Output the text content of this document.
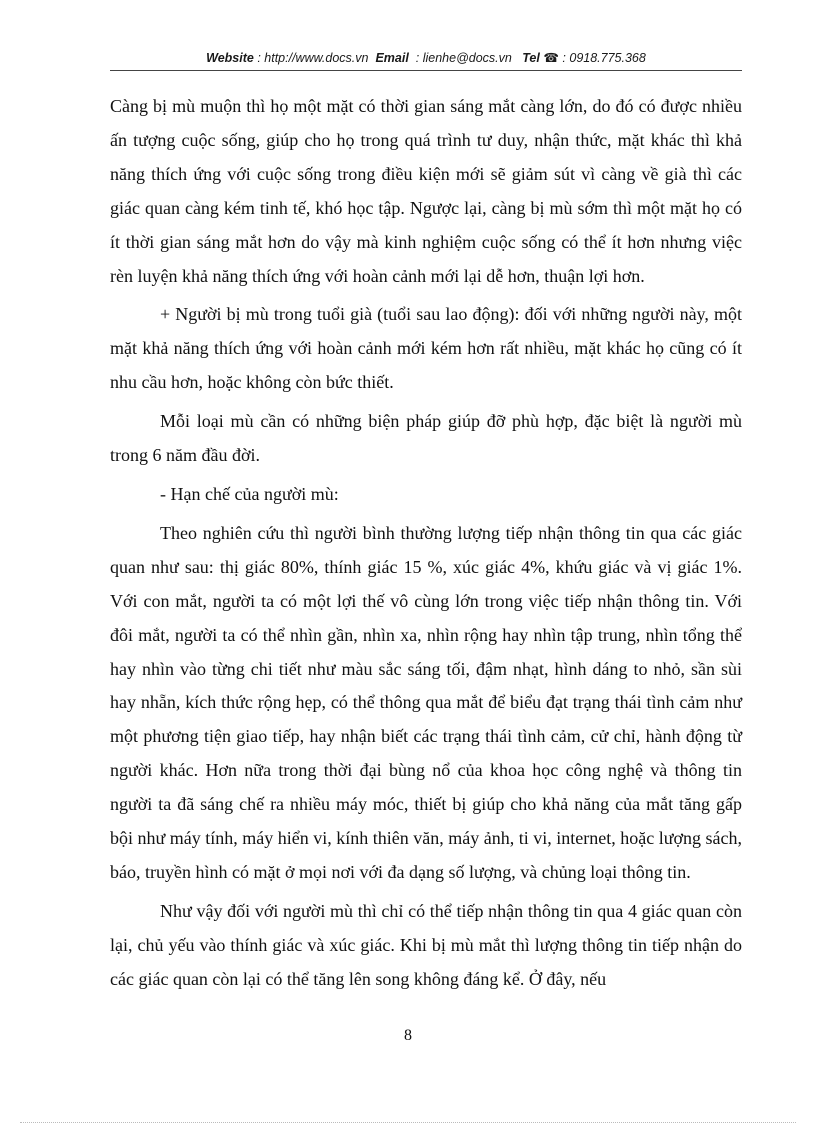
Website : http://www.docs.vn Email : lienhe@docs.vn Tel ☎ : 0918.775.368

Càng bị mù muộn thì họ một mặt có thời gian sáng mắt càng lớn, do đó có được nhiều ấn tượng cuộc sống, giúp cho họ trong quá trình tư duy, nhận thức, mặt khác thì khả năng thích ứng với cuộc sống trong điều kiện mới sẽ giảm sút vì càng về già thì các giác quan càng kém tinh tế, khó học tập. Ngược lại, càng bị mù sớm thì một mặt họ có ít thời gian sáng mắt hơn do vậy mà kinh nghiệm cuộc sống có thể ít hơn nhưng việc rèn luyện khả năng thích ứng với hoàn cảnh mới lại dễ hơn, thuận lợi hơn.

+ Người bị mù trong tuổi già (tuổi sau lao động): đối với những người này, một mặt khả năng thích ứng với hoàn cảnh mới kém hơn rất nhiều, mặt khác họ cũng có ít nhu cầu hơn, hoặc không còn bức thiết.

Mỗi loại mù cần có những biện pháp giúp đỡ phù hợp, đặc biệt là người mù trong 6 năm đầu đời.

- Hạn chế của người mù:

Theo nghiên cứu thì người bình thường lượng tiếp nhận thông tin qua các giác quan như sau: thị giác 80%, thính giác 15 %, xúc giác 4%, khứu giác và vị giác 1%. Với con mắt, người ta có một lợi thế vô cùng lớn trong việc tiếp nhận thông tin. Với đôi mắt, người ta có thể nhìn gần, nhìn xa, nhìn rộng hay nhìn tập trung, nhìn tổng thể hay nhìn vào từng chi tiết như màu sắc sáng tối, đậm nhạt, hình dáng to nhỏ, sần sùi hay nhẵn, kích thức rộng hẹp, có thể thông qua mắt để biểu đạt trạng thái tình cảm như một phương tiện giao tiếp, hay nhận biết các trạng thái tình cảm, cử chỉ, hành động từ người khác. Hơn nữa trong thời đại bùng nổ của khoa học công nghệ và thông tin người ta đã sáng chế ra nhiều máy móc, thiết bị giúp cho khả năng của mắt tăng gấp bội như máy tính, máy hiển vi, kính thiên văn, máy ảnh, ti vi, internet, hoặc lượng sách, báo, truyền hình có mặt ở mọi nơi với đa dạng số lượng, và chủng loại thông tin.

Như vậy đối với người mù thì chỉ có thể tiếp nhận thông tin qua 4 giác quan còn lại, chủ yếu vào thính giác và xúc giác. Khi bị mù mắt thì lượng thông tin tiếp nhận do các giác quan còn lại có thể tăng lên song không đáng kể. Ở đây, nếu

8
